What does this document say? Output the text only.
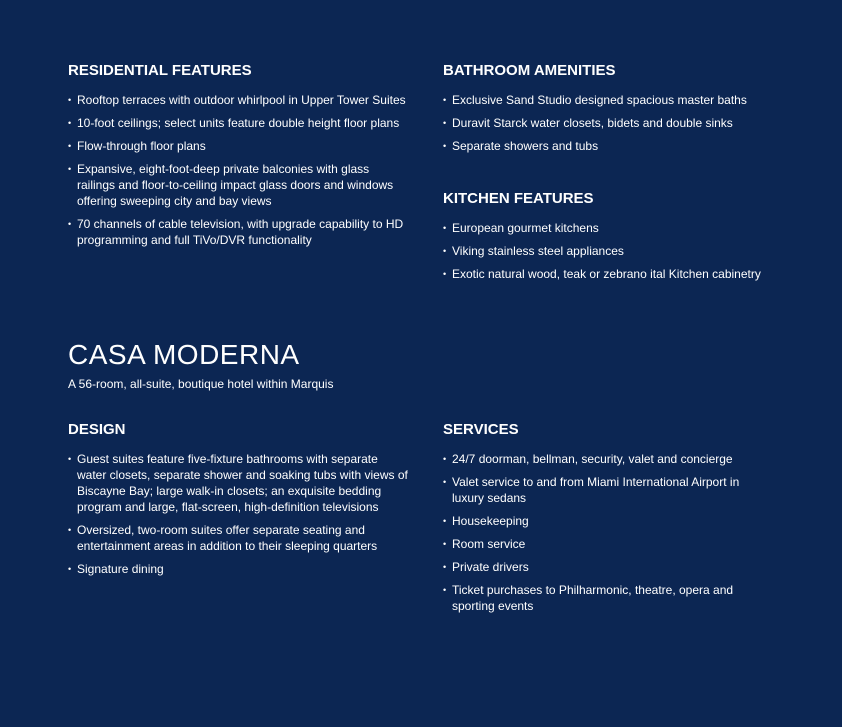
RESIDENTIAL FEATURES
• Rooftop terraces with outdoor whirlpool in Upper Tower Suites
• 10-foot ceilings; select units feature double height floor plans
• Flow-through floor plans
• Expansive, eight-foot-deep private balconies with glass railings and floor-to-ceiling impact glass doors and windows offering sweeping city and bay views
• 70 channels of cable television, with upgrade capability to HD programming and full TiVo/DVR functionality
BATHROOM AMENITIES
• Exclusive Sand Studio designed spacious master baths
• Duravit Starck water closets, bidets and double sinks
• Separate showers and tubs
KITCHEN FEATURES
• European gourmet kitchens
• Viking stainless steel appliances
• Exotic natural wood, teak or zebrano ital Kitchen cabinetry
CASA MODERNA

A 56-room, all-suite, boutique hotel within Marquis

DESIGN
• Guest suites feature five-fixture bathrooms with separate water closets, separate shower and soaking tubs with views of Biscayne Bay; large walk-in closets; an exquisite bedding program and large, flat-screen, high-definition televisions
• Oversized, two-room suites offer separate seating and entertainment areas in addition to their sleeping quarters
• Signature dining
SERVICES
• 24/7 doorman, bellman, security, valet and concierge
• Valet service to and from Miami International Airport in luxury sedans
• Housekeeping
• Room service
• Private drivers
• Ticket purchases to Philharmonic, theatre, opera and sporting events
